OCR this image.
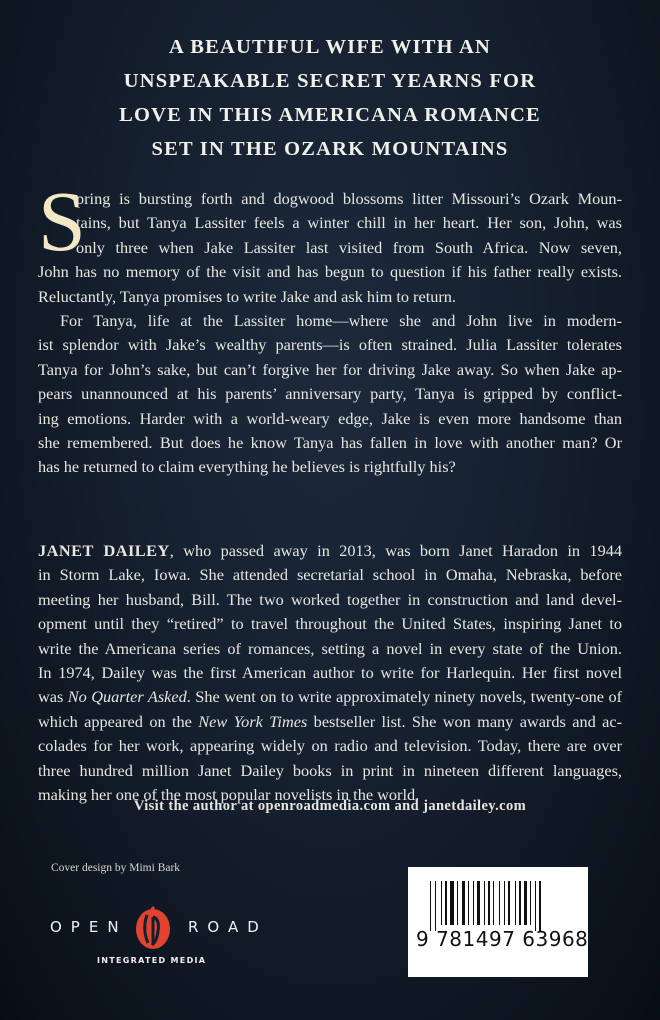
A BEAUTIFUL WIFE WITH AN
UNSPEAKABLE SECRET YEARNS FOR
LOVE IN THIS AMERICANA ROMANCE
SET IN THE OZARK MOUNTAINS
S
pring is bursting forth and dogwood blossoms litter Missouri’s Ozark Moun-
tains, but Tanya Lassiter feels a winter chill in her heart. Her son, John, was
only three when Jake Lassiter last visited from South Africa. Now seven,
John has no memory of the visit and has begun to question if his father really exists.
Reluctantly, Tanya promises to write Jake and ask him to return.
For Tanya, life at the Lassiter home—where she and John live in modern-
ist splendor with Jake’s wealthy parents—is often strained. Julia Lassiter tolerates
Tanya for John’s sake, but can’t forgive her for driving Jake away. So when Jake ap-
pears unannounced at his parents’ anniversary party, Tanya is gripped by conflict-
ing emotions. Harder with a world-weary edge, Jake is even more handsome than
she remembered. But does he know Tanya has fallen in love with another man? Or
has he returned to claim everything he believes is rightfully his?
JANET DAILEY, who passed away in 2013, was born Janet Haradon in 1944
in Storm Lake, Iowa. She attended secretarial school in Omaha, Nebraska, before
meeting her husband, Bill. The two worked together in construction and land devel-
opment until they “retired” to travel throughout the United States, inspiring Janet to
write the Americana series of romances, setting a novel in every state of the Union.
In 1974, Dailey was the first American author to write for Harlequin. Her first novel
was No Quarter Asked. She went on to write approximately ninety novels, twenty-one of
which appeared on the New York Times bestseller list. She won many awards and ac-
colades for her work, appearing widely on radio and television. Today, there are over
three hundred million Janet Dailey books in print in nineteen different languages,
making her one of the most popular novelists in the world.
Visit the author at openroadmedia.com and janetdailey.com
Cover design by Mimi Bark
OPEN	ROAD
INTEGRATED MEDIA
9 781497 639683
